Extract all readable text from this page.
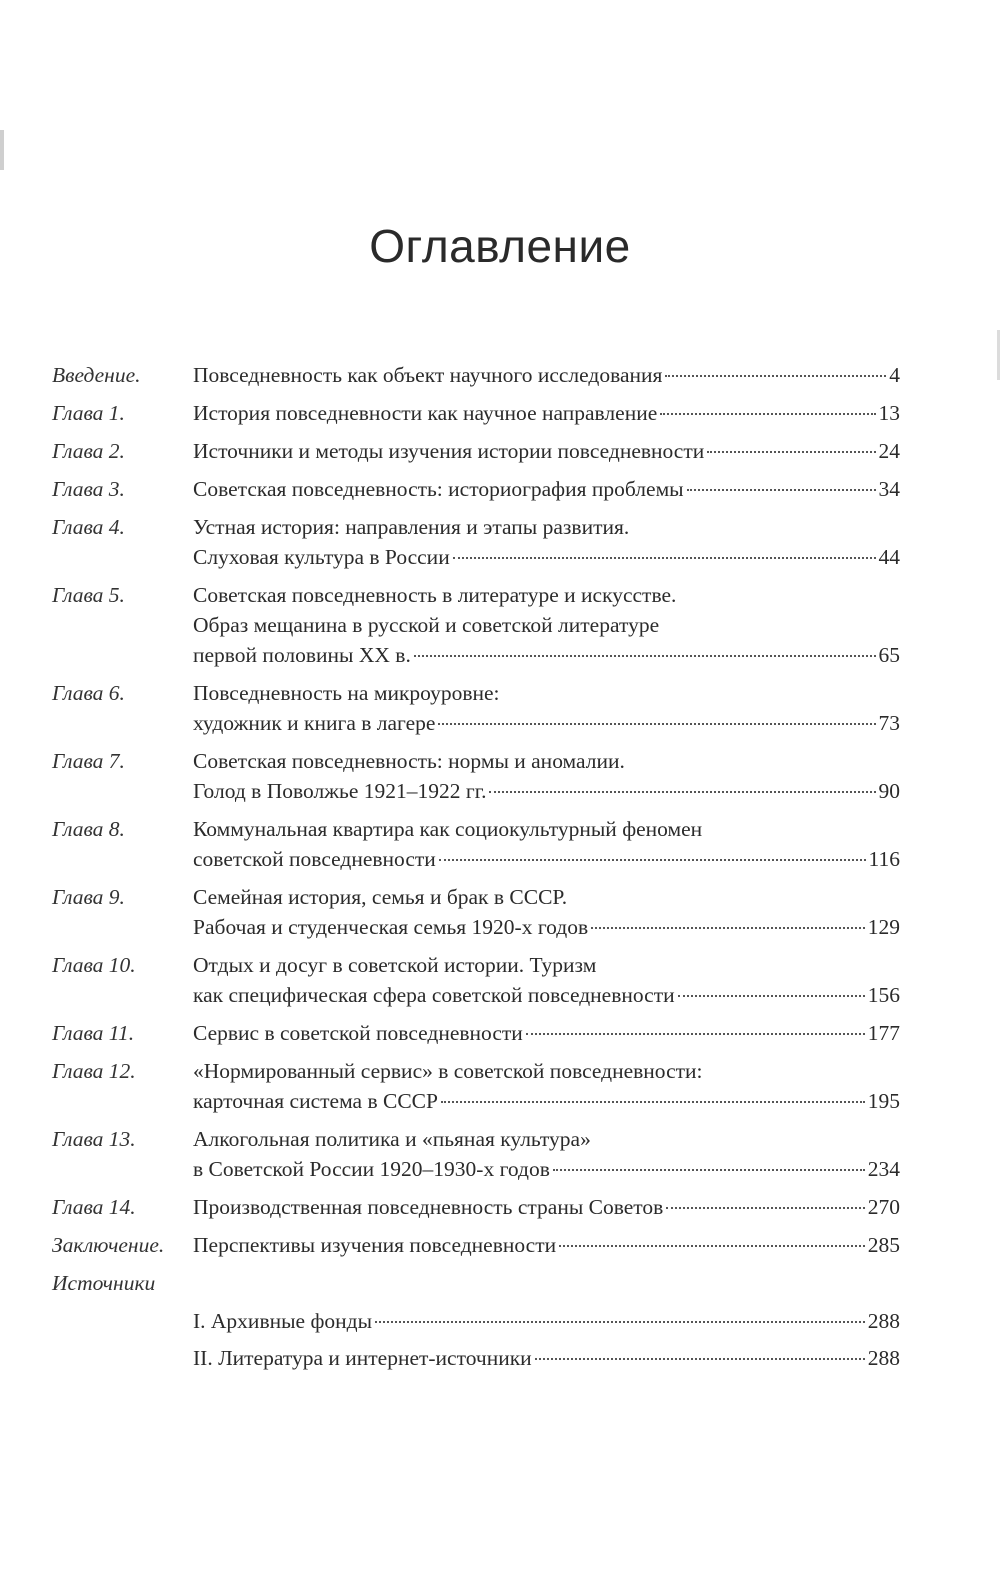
Оглавление
Введение.	Повседневность как объект научного исследования	4
Глава 1.	История повседневности как научное направление	13
Глава 2.	Источники и методы изучения истории повседневности	24
Глава 3.	Советская повседневность: историография проблемы	34
Глава 4.	Устная история: направления и этапы развития.
Слуховая культура в России	44
Глава 5.	Советская повседневность в литературе и искусстве.
Образ мещанина в русской и советской литературе
первой половины XX в.	65
Глава 6.	Повседневность на микроуровне:
художник и книга в лагере	73
Глава 7.	Советская повседневность: нормы и аномалии.
Голод в Поволжье 1921–1922 гг.	90
Глава 8.	Коммунальная квартира как социокультурный феномен
советской повседневности	116
Глава 9.	Семейная история, семья и брак в СССР.
Рабочая и студенческая семья 1920-х годов	129
Глава 10.	Отдых и досуг в советской истории. Туризм
как специфическая сфера советской повседневности	156
Глава 11.	Сервис в советской повседневности	177
Глава 12.	«Нормированный сервис» в советской повседневности:
карточная система в СССР	195
Глава 13.	Алкогольная политика и «пьяная культура»
в Советской России 1920–1930-х годов	234
Глава 14.	Производственная повседневность страны Советов	270
Заключение.	Перспективы изучения повседневности	285
Источники
I. Архивные фонды	288
II. Литература и интернет-источники	288
